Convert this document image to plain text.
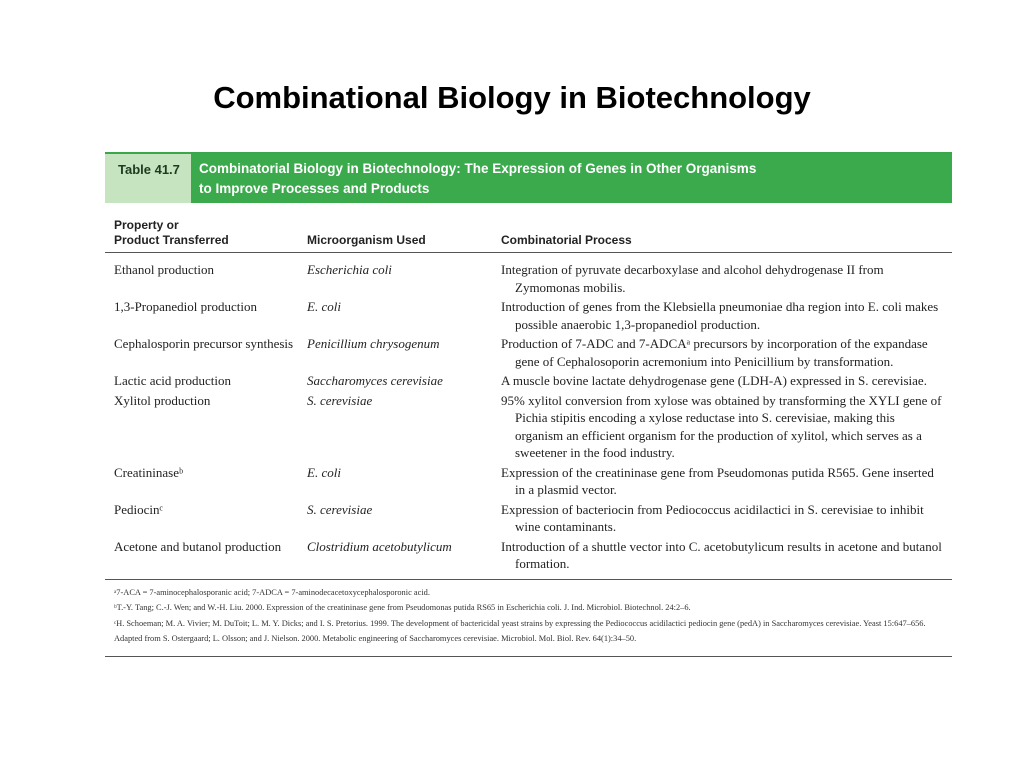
Combinational Biology in Biotechnology
Table 41.7	Combinatorial Biology in Biotechnology: The Expression of Genes in Other Organisms
to Improve Processes and Products
Property or
Product Transferred	Microorganism Used	Combinatorial Process
Ethanol production	Escherichia coli	Integration of pyruvate decarboxylase and alcohol dehydrogenase II from Zymomonas mobilis.
1,3-Propanediol production	E. coli	Introduction of genes from the Klebsiella pneumoniae dha region into E. coli makes possible anaerobic 1,3-propanediol production.
Cephalosporin precursor synthesis	Penicillium chrysogenum	Production of 7-ADC and 7-ADCAᵃ precursors by incorporation of the expandase gene of Cephalosoporin acremonium into Penicillium by transformation.
Lactic acid production	Saccharomyces cerevisiae	A muscle bovine lactate dehydrogenase gene (LDH-A) expressed in S. cerevisiae.
Xylitol production	S. cerevisiae	95% xylitol conversion from xylose was obtained by transforming the XYLI gene of Pichia stipitis encoding a xylose reductase into S. cerevisiae, making this organism an efficient organism for the production of xylitol, which serves as a sweetener in the food industry.
Creatininaseᵇ	E. coli	Expression of the creatininase gene from Pseudomonas putida R565. Gene inserted in a plasmid vector.
Pediocinᶜ	S. cerevisiae	Expression of bacteriocin from Pediococcus acidilactici in S. cerevisiae to inhibit wine contaminants.
Acetone and butanol production	Clostridium acetobutylicum	Introduction of a shuttle vector into C. acetobutylicum results in acetone and butanol formation.

ᵃ7-ACA = 7-aminocephalosporanic acid; 7-ADCA = 7-aminodecacetoxycephalosporonic acid.

ᵇT.-Y. Tang; C.-J. Wen; and W.-H. Liu. 2000. Expression of the creatininase gene from Pseudomonas putida RS65 in Escherichia coli. J. Ind. Microbiol. Biotechnol. 24:2–6.

ᶜH. Schoeman; M. A. Vivier; M. DuToit; L. M. Y. Dicks; and I. S. Pretorius. 1999. The development of bactericidal yeast strains by expressing the Pediococcus acidilactici pediocin gene (pedA) in Saccharomyces cerevisiae. Yeast 15:647–656.

Adapted from S. Ostergaard; L. Olsson; and J. Nielson. 2000. Metabolic engineering of Saccharomyces cerevisiae. Microbiol. Mol. Biol. Rev. 64(1):34–50.
